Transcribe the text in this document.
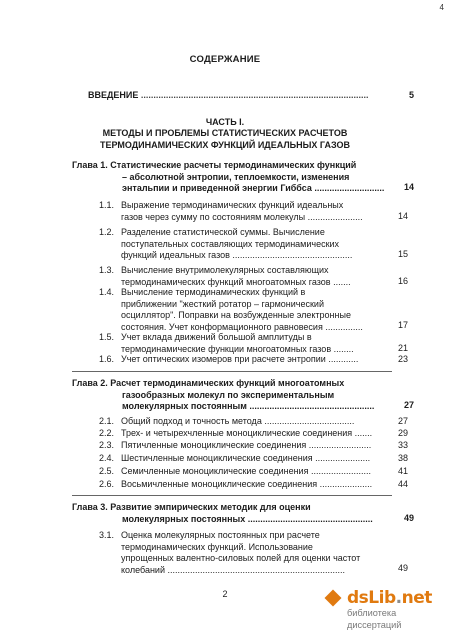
4
СОДЕРЖАНИЕ
ВВЕДЕНИЕ ...........................................................................................	5
ЧАСТЬ I.
МЕТОДЫ И ПРОБЛЕМЫ СТАТИСТИЧЕСКИХ РАСЧЕТОВ
ТЕРМОДИНАМИЧЕСКИХ ФУНКЦИЙ ИДЕАЛЬНЫХ ГАЗОВ
Глава 1. Статистические расчеты термодинамических функций
– абсолютной энтропии, теплоемкости, изменения
энтальпии и приведенной энергии Гиббса ............................	14
1.1. Выражение термодинамических функций идеальных
газов через сумму по состояниям молекулы ......................	14
1.2. Разделение статистической суммы. Вычисление
поступательных составляющих термодинамических
функций идеальных газов ................................................	15
1.3. Вычисление внутримолекулярных составляющих
термодинамических функций многоатомных газов .......	16
1.4. Вычисление термодинамических функций в
приближении "жесткий ротатор – гармонический
осциллятор". Поправки на возбужденные электронные
состояния. Учет конформационного равновесия ...............	17
1.5. Учет вклада движений большой амплитуды в
термодинамические функции многоатомных газов ........	21
1.6. Учет оптических изомеров при расчете энтропии ............	23
Глава 2. Расчет термодинамических функций многоатомных
газообразных молекул по экспериментальным
молекулярных постоянным ..................................................	27
2.1. Общий подход и точность метода ....................................	27
2.2. Трех- и четырехчленные моноциклические соединения .......	29
2.3. Пятичленные моноциклические соединения .........................	33
2.4. Шестичленные моноциклические соединения ......................	38
2.5. Семичленные моноциклические соединения ........................	41
2.6. Восьмичленные моноциклические соединения .....................	44
Глава 3. Развитие эмпирических методик для оценки
молекулярных постоянных ..................................................	49
3.1. Оценка молекулярных постоянных при расчете
термодинамических функций. Использование
упрощенных валентно-силовых полей для оценки частот
колебаний .......................................................................	49
2	dsLib.net
библиотека диссертаций
